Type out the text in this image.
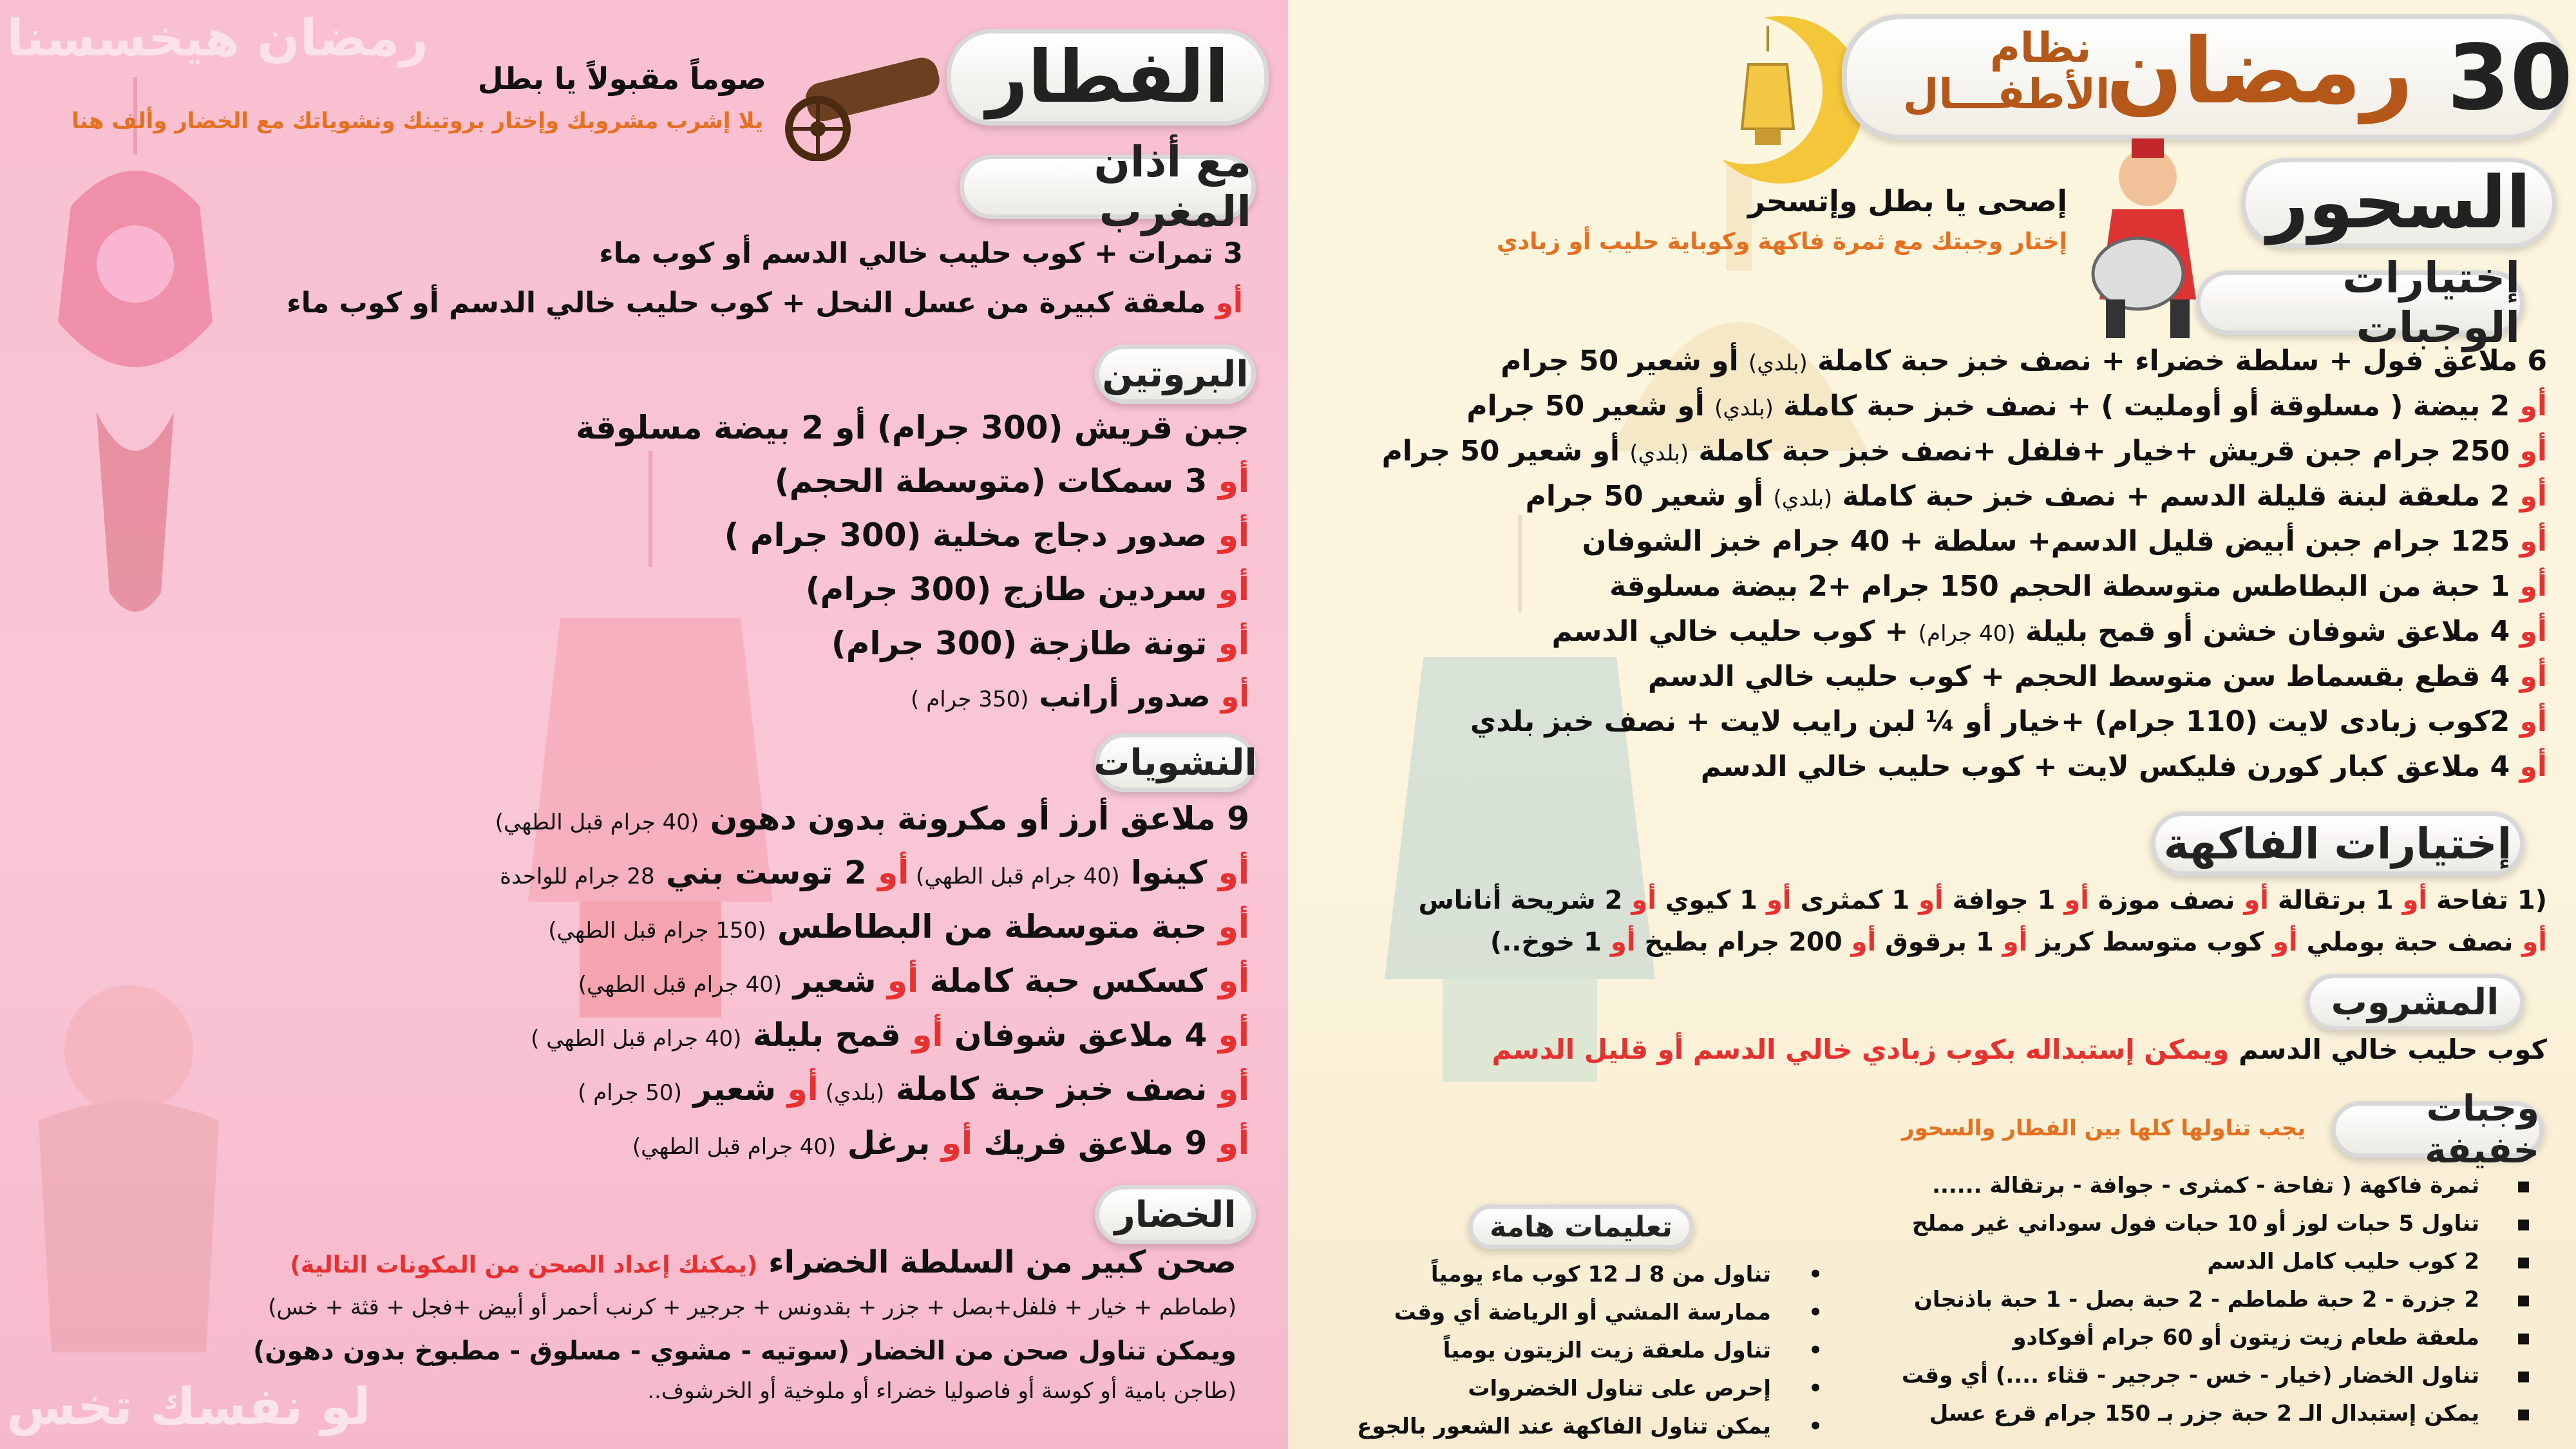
رمضان هيخسسنا
لو نفسك تخس
الفطار
صوماً مقبولاً يا بطل
يلا إشرب مشروبك وإختار بروتينك ونشوياتك مع الخضار وألف هنا
مع أذان المغرب
3 تمرات + كوب حليب خالي الدسم أو كوب ماء
أو ملعقة كبيرة من عسل النحل + كوب حليب خالي الدسم أو كوب ماء
البروتين
جبن قريش (300 جرام) أو 2 بيضة مسلوقة
أو 3 سمكات (متوسطة الحجم)
أو صدور دجاج مخلية (300 جرام )
أو سردين طازج (300 جرام)
أو تونة طازجة (300 جرام)
أو صدور أرانب (350 جرام )
النشويات
9 ملاعق أرز أو مكرونة بدون دهون (40 جرام قبل الطهي)
أو كينوا (40 جرام قبل الطهي) أو 2 توست بني 28 جرام للواحدة
أو حبة متوسطة من البطاطس (150 جرام قبل الطهي)
أو كسكس حبة كاملة أو شعير (40 جرام قبل الطهي)
أو 4 ملاعق شوفان أو قمح بليلة (40 جرام قبل الطهي )
أو نصف خبز حبة كاملة (بلدي) أو شعير (50 جرام )
أو 9 ملاعق فريك أو برغل (40 جرام قبل الطهي)
الخضار
صحن كبير من السلطة الخضراء (يمكنك إعداد الصحن من المكونات التالية)
(طماطم + خيار + فلفل+بصل + جزر + بقدونس + جرجير + كرنب أحمر أو أبيض +فجل + قثة + خس)
ويمكن تناول صحن من الخضار (سوتيه - مشوي - مسلوق - مطبوخ بدون دهون)
(طاجن بامية أو كوسة أو فاصوليا خضراء أو ملوخية أو الخرشوف..
30
رمضان
نظام
الأطفـــال
السحور
إصحى يا بطل وإتسحر
إختار وجبتك مع ثمرة فاكهة وكوباية حليب أو زبادي
إختيارات الوجبات
6 ملاعق فول + سلطة خضراء + نصف خبز حبة كاملة (بلدي) أو شعير 50 جرام
أو 2 بيضة ( مسلوقة أو أومليت ) + نصف خبز حبة كاملة (بلدي) أو شعير 50 جرام
أو 250 جرام جبن قريش +خيار +فلفل +نصف خبز حبة كاملة (بلدي) أو شعير 50 جرام
أو 2 ملعقة لبنة قليلة الدسم + نصف خبز حبة كاملة (بلدي) أو شعير 50 جرام
أو 125 جرام جبن أبيض قليل الدسم+ سلطة + 40 جرام خبز الشوفان
أو 1 حبة من البطاطس متوسطة الحجم 150 جرام +2 بيضة مسلوقة
أو 4 ملاعق شوفان خشن أو قمح بليلة (40 جرام) + كوب حليب خالي الدسم
أو 4 قطع بقسماط سن متوسط الحجم + كوب حليب خالي الدسم
أو 2كوب زبادى لايت (110 جرام) +خيار أو ¼ لبن رايب لايت + نصف خبز بلدي
أو 4 ملاعق كبار كورن فليكس لايت + كوب حليب خالي الدسم
إختيارات الفاكهة
(1 تفاحة أو 1 برتقالة أو نصف موزة أو 1 جوافة أو 1 كمثرى أو 1 كيوي أو 2 شريحة أناناس
أو نصف حبة بوملي أو كوب متوسط كريز أو 1 برقوق أو 200 جرام بطيخ أو 1 خوخ..)
المشروب
كوب حليب خالي الدسم ويمكن إستبداله بكوب زبادي خالي الدسم أو قليل الدسم
وجبات خفيفة
يجب تناولها كلها بين الفطار والسحور
▪ ثمرة فاكهة ( تفاحة - كمثرى - جوافة - برتقالة ......
▪ تناول 5 حبات لوز أو 10 حبات فول سوداني غير مملح
▪ 2 كوب حليب كامل الدسم
▪ 2 جزرة - 2 حبة طماطم - 2 حبة بصل - 1 حبة باذنجان
▪ ملعقة طعام زيت زيتون أو 60 جرام أفوكادو
▪ تناول الخضار (خيار - خس - جرجير - قثاء ....) أي وقت
▪ يمكن إستبدال الـ 2 حبة جزر بـ 150 جرام قرع عسل
تعليمات هامة
• تناول من 8 لـ 12 كوب ماء يومياً
• ممارسة المشي أو الرياضة أي وقت
• تناول ملعقة زيت الزيتون يومياً
• إحرص على تناول الخضروات
• يمكن تناول الفاكهة عند الشعور بالجوع
